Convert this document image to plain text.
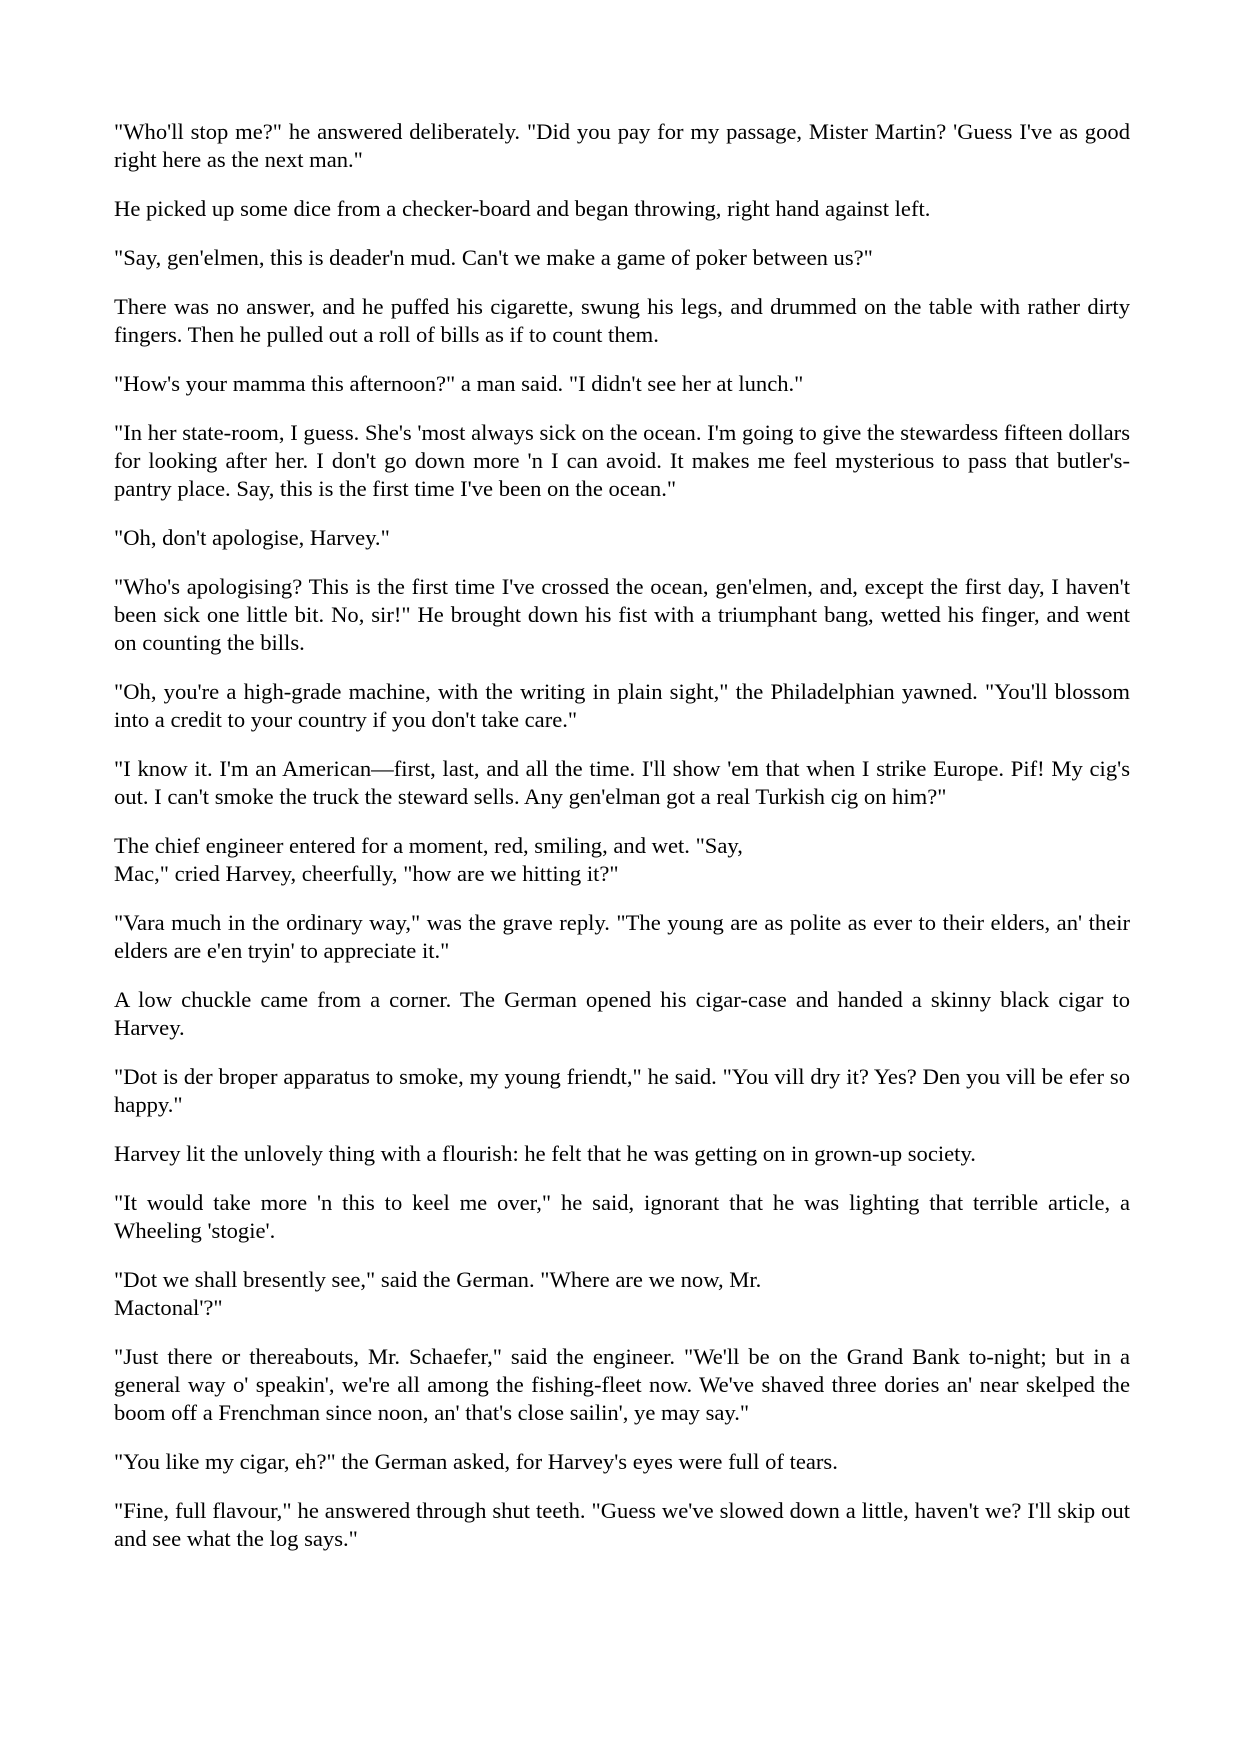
"Who'll stop me?" he answered deliberately. "Did you pay for my passage, Mister Martin? 'Guess I've as good right here as the next man."

He picked up some dice from a checker-board and began throwing, right hand against left.

"Say, gen'elmen, this is deader'n mud. Can't we make a game of poker between us?"

There was no answer, and he puffed his cigarette, swung his legs, and drummed on the table with rather dirty fingers. Then he pulled out a roll of bills as if to count them.

"How's your mamma this afternoon?" a man said. "I didn't see her at lunch."

"In her state-room, I guess. She's 'most always sick on the ocean. I'm going to give the stewardess fifteen dollars for looking after her. I don't go down more 'n I can avoid. It makes me feel mysterious to pass that butler's-pantry place. Say, this is the first time I've been on the ocean."

"Oh, don't apologise, Harvey."

"Who's apologising? This is the first time I've crossed the ocean, gen'elmen, and, except the first day, I haven't been sick one little bit. No, sir!" He brought down his fist with a triumphant bang, wetted his finger, and went on counting the bills.

"Oh, you're a high-grade machine, with the writing in plain sight," the Philadelphian yawned. "You'll blossom into a credit to your country if you don't take care."

"I know it. I'm an American—first, last, and all the time. I'll show 'em that when I strike Europe. Pif! My cig's out. I can't smoke the truck the steward sells. Any gen'elman got a real Turkish cig on him?"

The chief engineer entered for a moment, red, smiling, and wet. "Say,
Mac," cried Harvey, cheerfully, "how are we hitting it?"

"Vara much in the ordinary way," was the grave reply. "The young are as polite as ever to their elders, an' their elders are e'en tryin' to appreciate it."

A low chuckle came from a corner. The German opened his cigar-case and handed a skinny black cigar to Harvey.

"Dot is der broper apparatus to smoke, my young friendt," he said. "You vill dry it? Yes? Den you vill be efer so happy."

Harvey lit the unlovely thing with a flourish: he felt that he was getting on in grown-up society.

"It would take more 'n this to keel me over," he said, ignorant that he was lighting that terrible article, a Wheeling 'stogie'.

"Dot we shall bresently see," said the German. "Where are we now, Mr.
Mactonal'?"

"Just there or thereabouts, Mr. Schaefer," said the engineer. "We'll be on the Grand Bank to-night; but in a general way o' speakin', we're all among the fishing-fleet now. We've shaved three dories an' near skelped the boom off a Frenchman since noon, an' that's close sailin', ye may say."

"You like my cigar, eh?" the German asked, for Harvey's eyes were full of tears.

"Fine, full flavour," he answered through shut teeth. "Guess we've slowed down a little, haven't we? I'll skip out and see what the log says."
